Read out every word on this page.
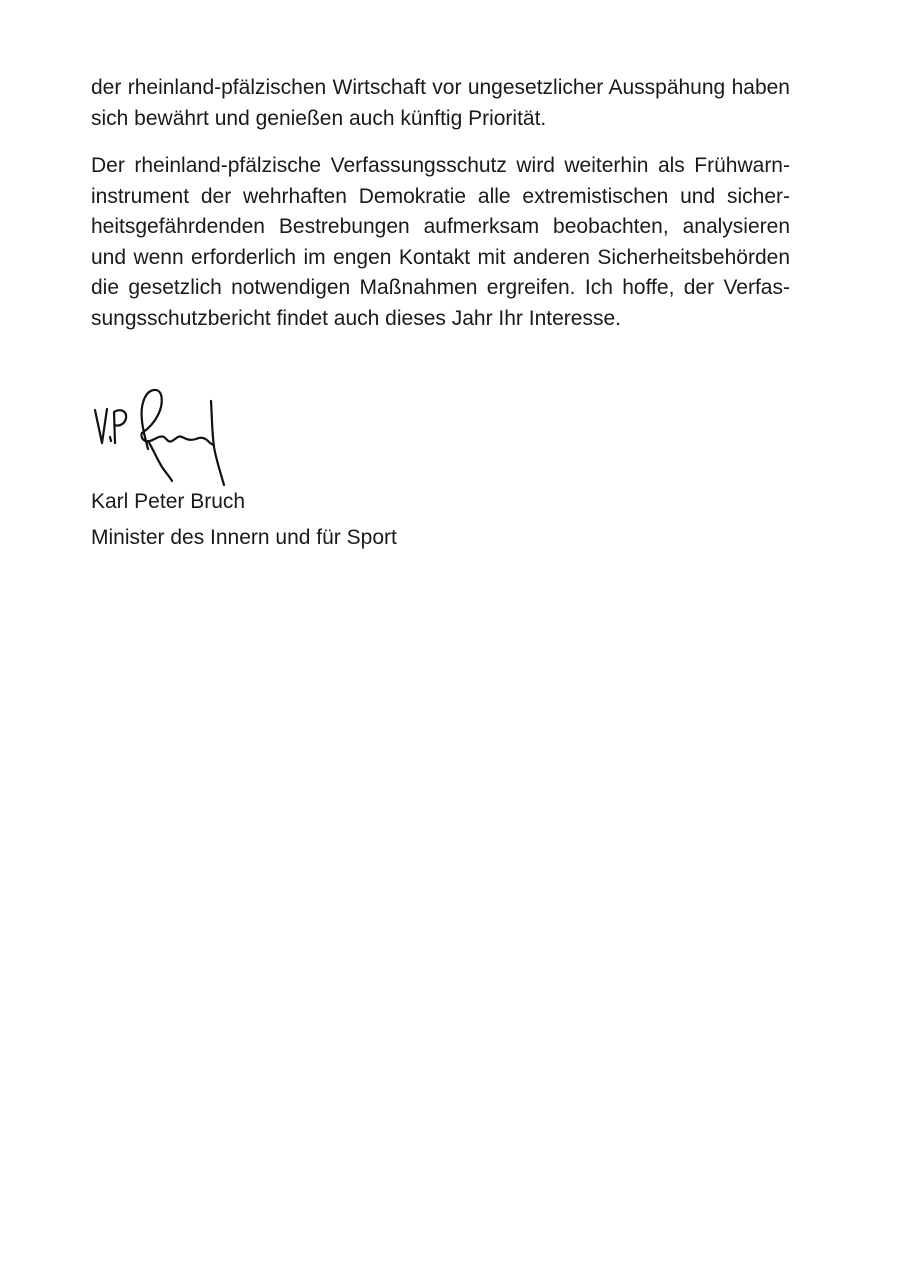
der rheinland-pfälzischen Wirtschaft vor ungesetzlicher Ausspähung haben sich bewährt und genießen auch künftig Priorität.

Der rheinland-pfälzische Verfassungsschutz wird weiterhin als Frühwarninstrument der wehrhaften Demokratie alle extremistischen und sicherheitsgefährdenden Bestrebungen aufmerksam beobachten, analysieren und wenn erforderlich im engen Kontakt mit anderen Sicherheitsbehörden die gesetzlich notwendigen Maßnahmen ergreifen. Ich hoffe, der Verfassungsschutzbericht findet auch dieses Jahr Ihr Interesse.

Karl Peter Bruch

Minister des Innern und für Sport
